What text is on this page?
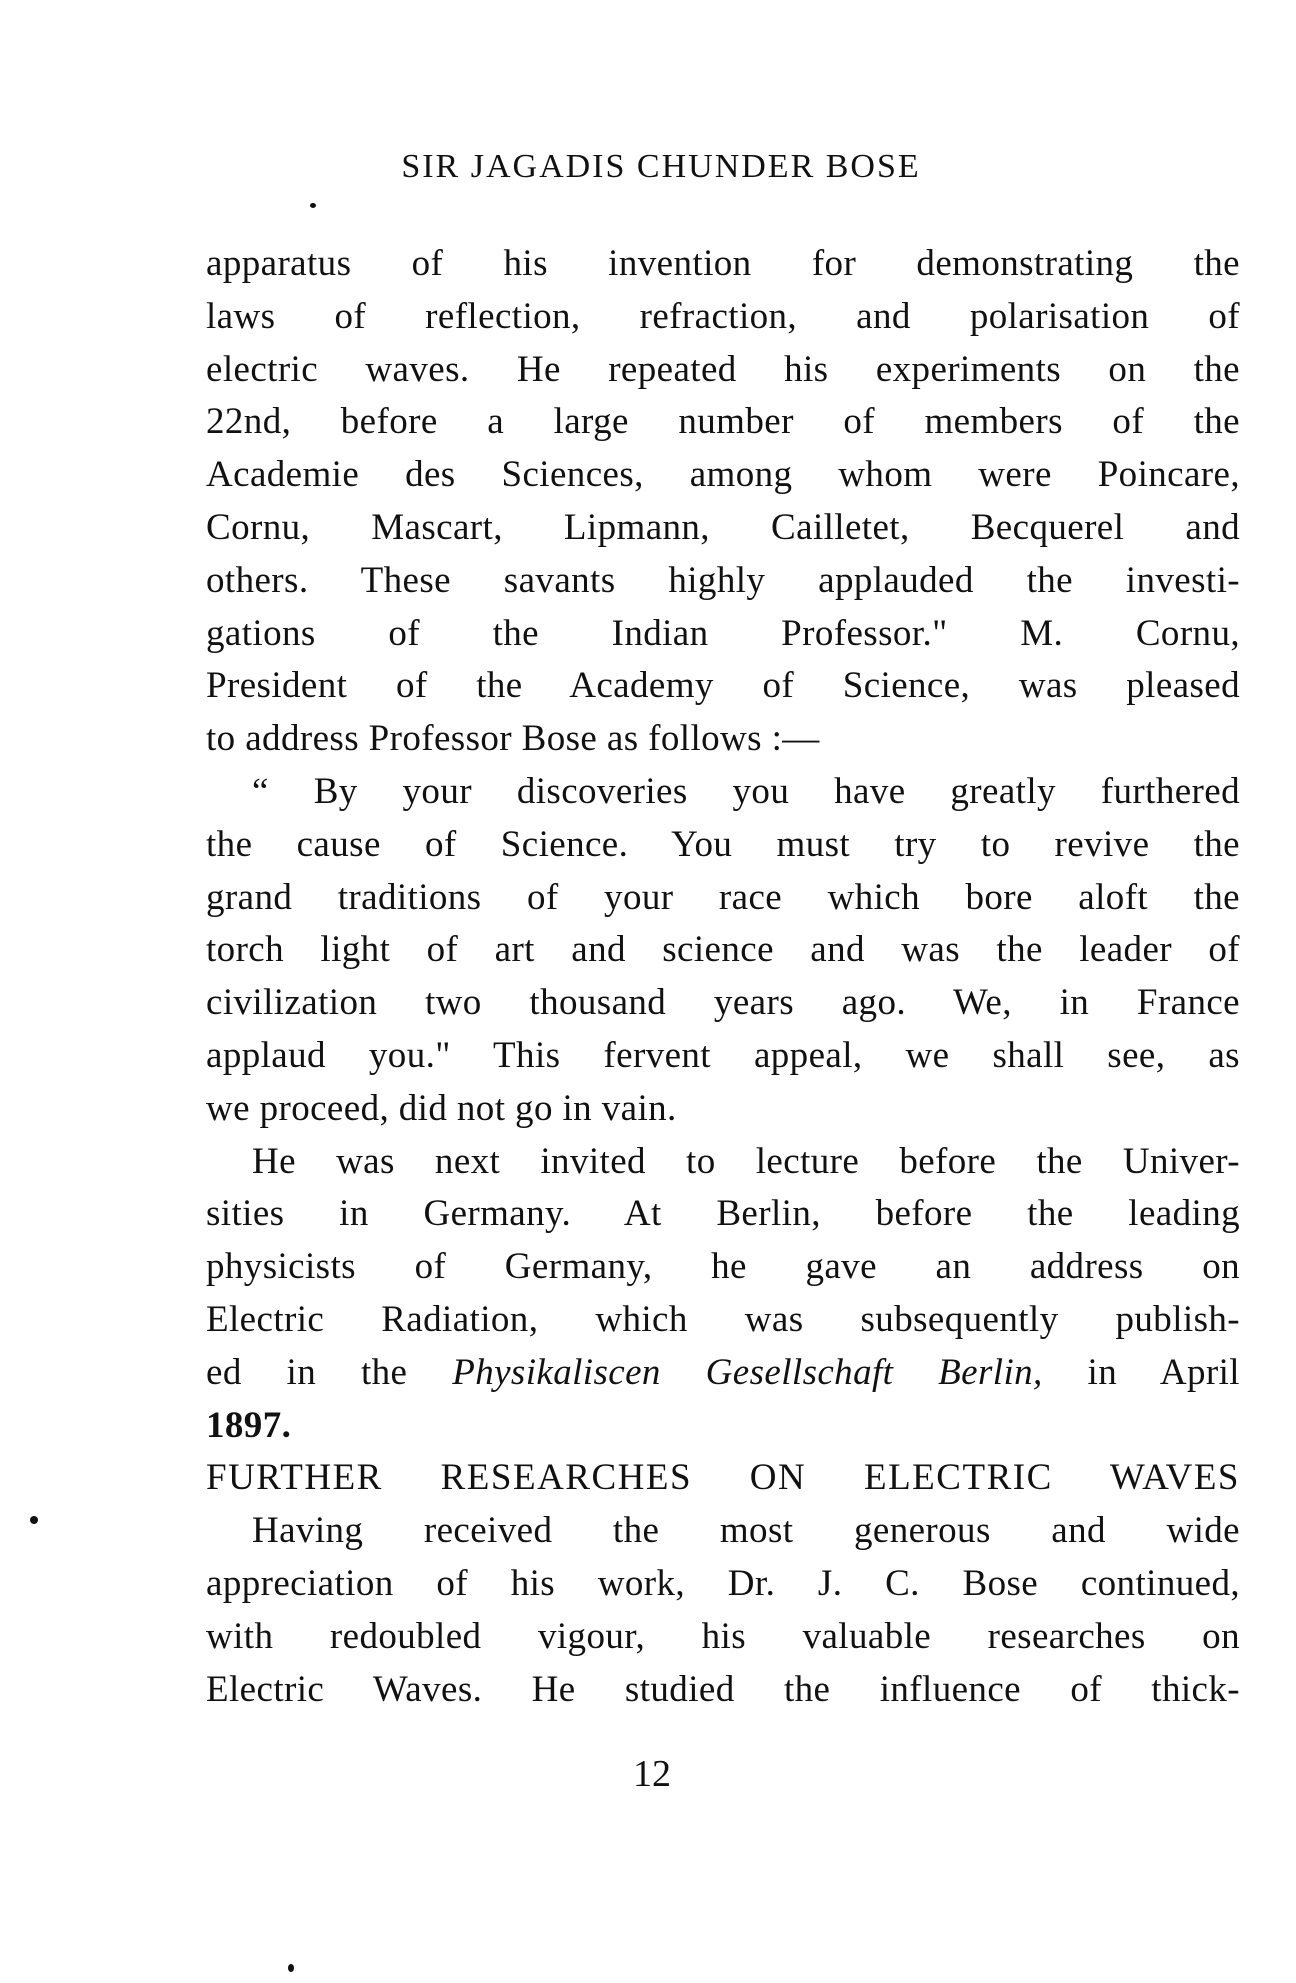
SIR JAGADIS CHUNDER BOSE

apparatus of his invention for demonstrating the
laws of reflection, refraction, and polarisation of
electric waves. He repeated his experiments on the
22nd, before a large number of members of the
Academie des Sciences, among whom were Poincare,
Cornu, Mascart, Lipmann, Cailletet, Becquerel and
others. These savants highly applauded the investi-
gations of the Indian Professor." M. Cornu,
President of the Academy of Science, was pleased
to address Professor Bose as follows :—
“ By your discoveries you have greatly furthered
the cause of Science. You must try to revive the
grand traditions of your race which bore aloft the
torch light of art and science and was the leader of
civilization two thousand years ago. We, in France
applaud you." This fervent appeal, we shall see, as
we proceed, did not go in vain.
He was next invited to lecture before the Univer-
sities in Germany. At Berlin, before the leading
physicists of Germany, he gave an address on
Electric Radiation, which was subsequently publish-
ed in the Physikaliscen Gesellschaft Berlin, in April
1897.
FURTHER RESEARCHES ON ELECTRIC WAVES
Having received the most generous and wide
appreciation of his work, Dr. J. C. Bose continued,
with redoubled vigour, his valuable researches on
Electric Waves. He studied the influence of thick-

12
